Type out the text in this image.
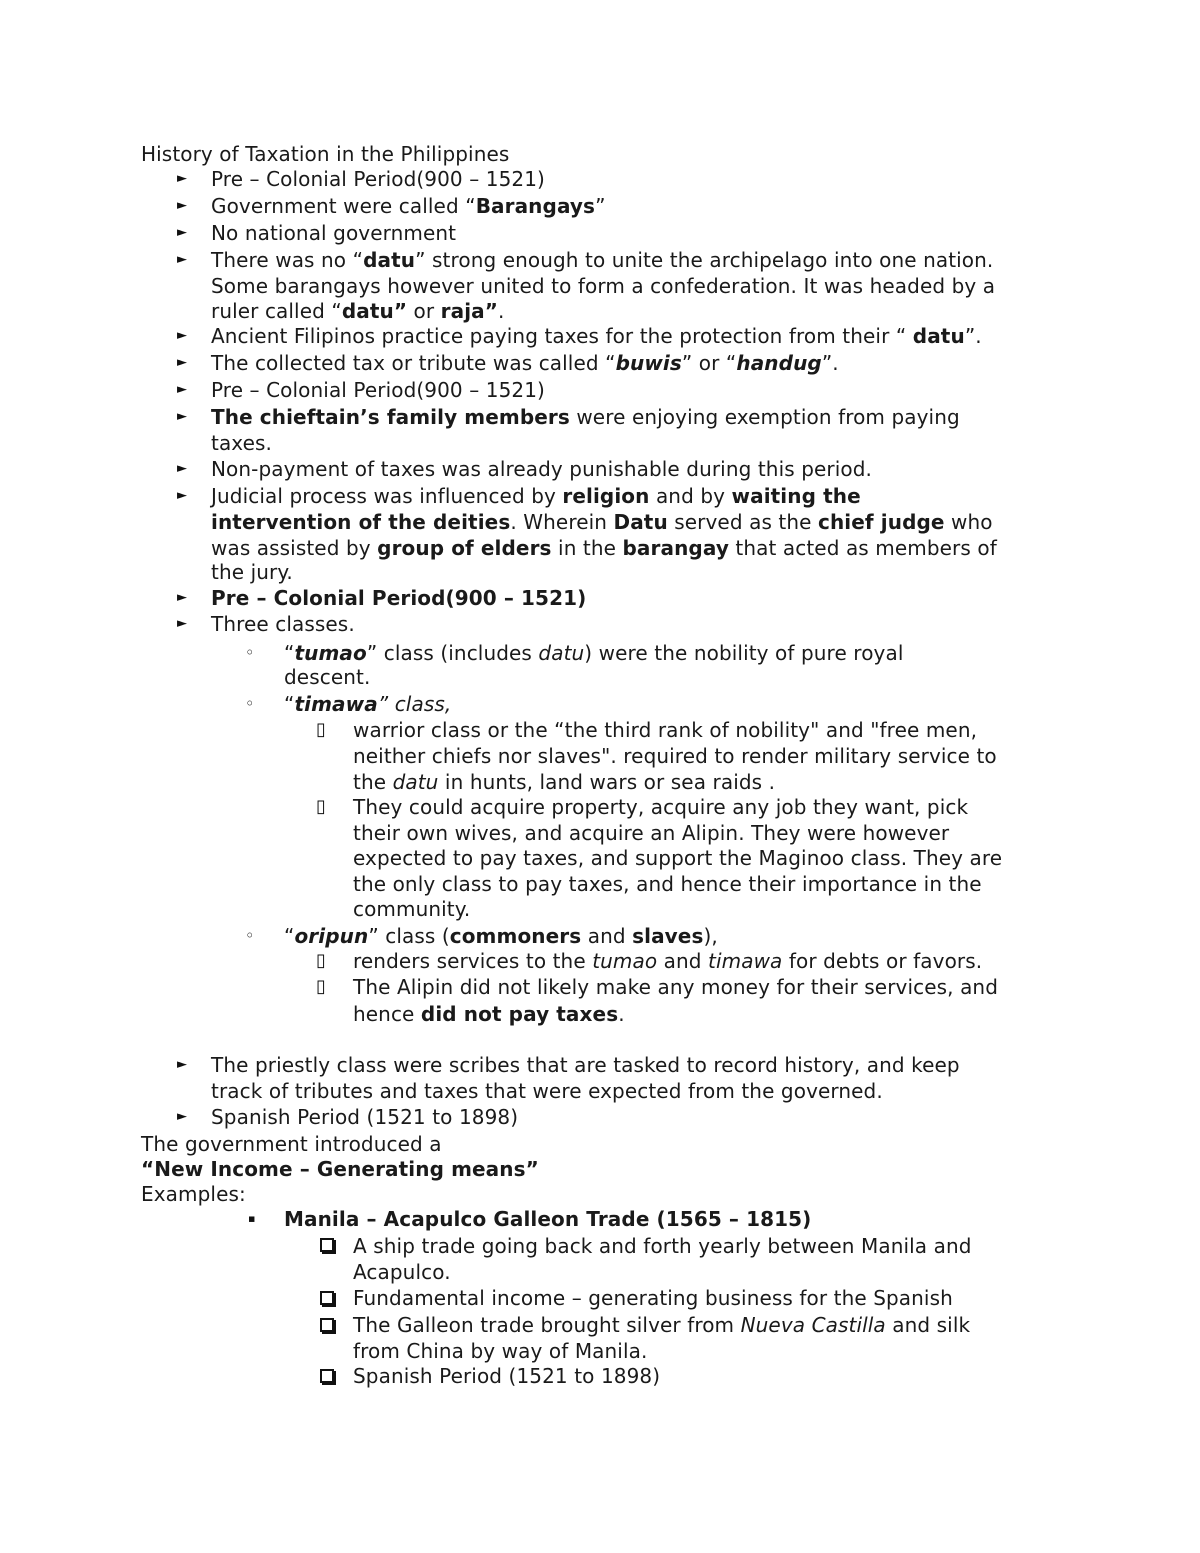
History of Taxation in the Philippines
► Pre – Colonial Period(900 – 1521)
► Government were called “Barangays”
► No national government
► There was no “datu” strong enough to unite the archipelago into one nation.
Some barangays however united to form a confederation. It was headed by a
ruler called “datu” or raja”.
► Ancient Filipinos practice paying taxes for the protection from their “ datu”.
► The collected tax or tribute was called “buwis” or “handug”.
► Pre – Colonial Period(900 – 1521)
► The chieftain’s family members were enjoying exemption from paying
taxes.
► Non-payment of taxes was already punishable during this period.
► Judicial process was influenced by religion and by waiting the
intervention of the deities. Wherein Datu served as the chief judge who
was assisted by group of elders in the barangay that acted as members of
the jury.
► Pre – Colonial Period(900 – 1521)
► Three classes.
◦ “tumao” class (includes datu) were the nobility of pure royal
descent.
◦ “timawa” class,
▯ warrior class or the “the third rank of nobility" and "free men,
neither chiefs nor slaves". required to render military service to
the datu in hunts, land wars or sea raids .
▯ They could acquire property, acquire any job they want, pick
their own wives, and acquire an Alipin. They were however
expected to pay taxes, and support the Maginoo class. They are
the only class to pay taxes, and hence their importance in the
community.
◦ “oripun” class (commoners and slaves),
▯ renders services to the tumao and timawa for debts or favors.
▯ The Alipin did not likely make any money for their services, and
hence did not pay taxes.
► The priestly class were scribes that are tasked to record history, and keep
track of tributes and taxes that were expected from the governed.
► Spanish Period (1521 to 1898)
The government introduced a
“New Income – Generating means”
Examples:
▪ Manila – Acapulco Galleon Trade (1565 – 1815)
A ship trade going back and forth yearly between Manila and
Acapulco.
Fundamental income – generating business for the Spanish
The Galleon trade brought silver from Nueva Castilla and silk
from China by way of Manila.
Spanish Period (1521 to 1898)
